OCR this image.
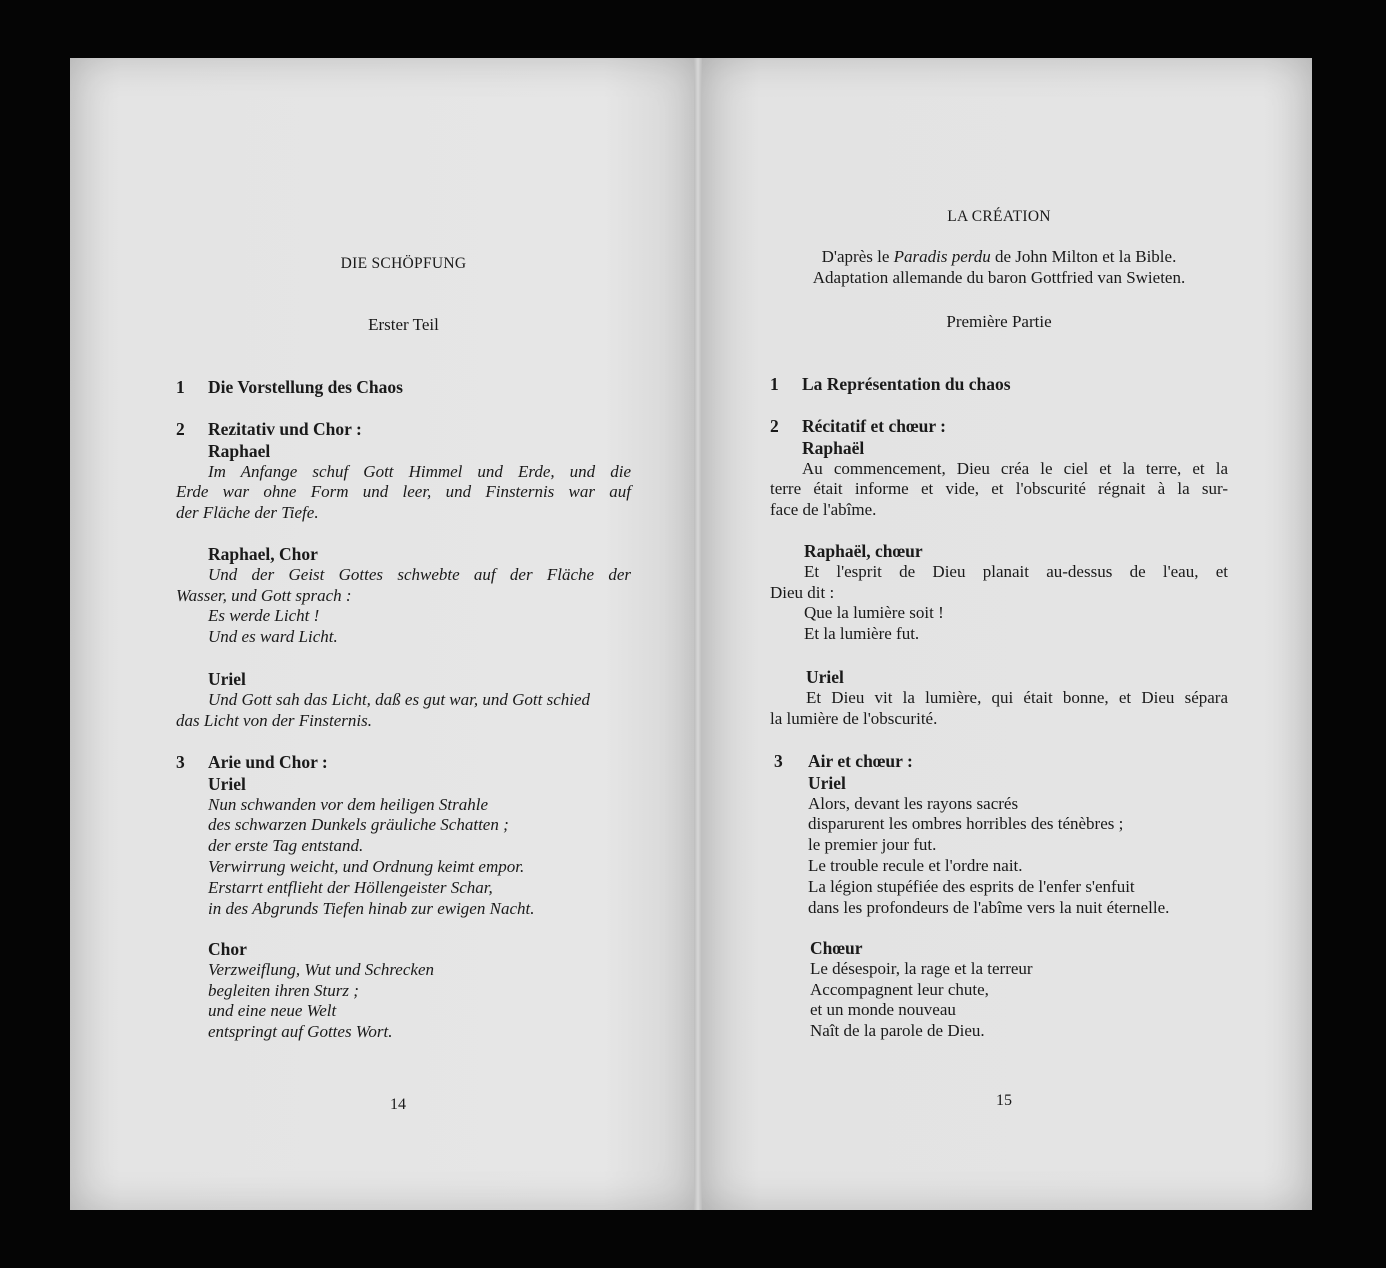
DIE SCHÖPFUNG

Erster Teil

1 Die Vorstellung des Chaos

2 Rezitativ und Chor :

Raphael

Im Anfange schuf Gott Himmel und Erde, und die

Erde war ohne Form und leer, und Finsternis war auf

der Fläche der Tiefe.

Raphael, Chor

Und der Geist Gottes schwebte auf der Fläche der

Wasser, und Gott sprach :

Es werde Licht !

Und es ward Licht.

Uriel

Und Gott sah das Licht, daß es gut war, und Gott schied

das Licht von der Finsternis.

3 Arie und Chor :

Uriel

Nun schwanden vor dem heiligen Strahle

des schwarzen Dunkels gräuliche Schatten ;

der erste Tag entstand.

Verwirrung weicht, und Ordnung keimt empor.

Erstarrt entflieht der Höllengeister Schar,

in des Abgrunds Tiefen hinab zur ewigen Nacht.

Chor

Verzweiflung, Wut und Schrecken

begleiten ihren Sturz ;

und eine neue Welt

entspringt auf Gottes Wort.

14

LA CRÉATION

D'après le Paradis perdu de John Milton et la Bible.

Adaptation allemande du baron Gottfried van Swieten.

Première Partie

1 La Représentation du chaos

2 Récitatif et chœur :

Raphaël

Au commencement, Dieu créa le ciel et la terre, et la

terre était informe et vide, et l'obscurité régnait à la sur-

face de l'abîme.

Raphaël, chœur

Et l'esprit de Dieu planait au-dessus de l'eau, et

Dieu dit :

Que la lumière soit !

Et la lumière fut.

Uriel

Et Dieu vit la lumière, qui était bonne, et Dieu sépara

la lumière de l'obscurité.

3 Air et chœur :

Uriel

Alors, devant les rayons sacrés

disparurent les ombres horribles des ténèbres ;

le premier jour fut.

Le trouble recule et l'ordre nait.

La légion stupéfiée des esprits de l'enfer s'enfuit

dans les profondeurs de l'abîme vers la nuit éternelle.

Chœur

Le désespoir, la rage et la terreur

Accompagnent leur chute,

et un monde nouveau

Naît de la parole de Dieu.

15
